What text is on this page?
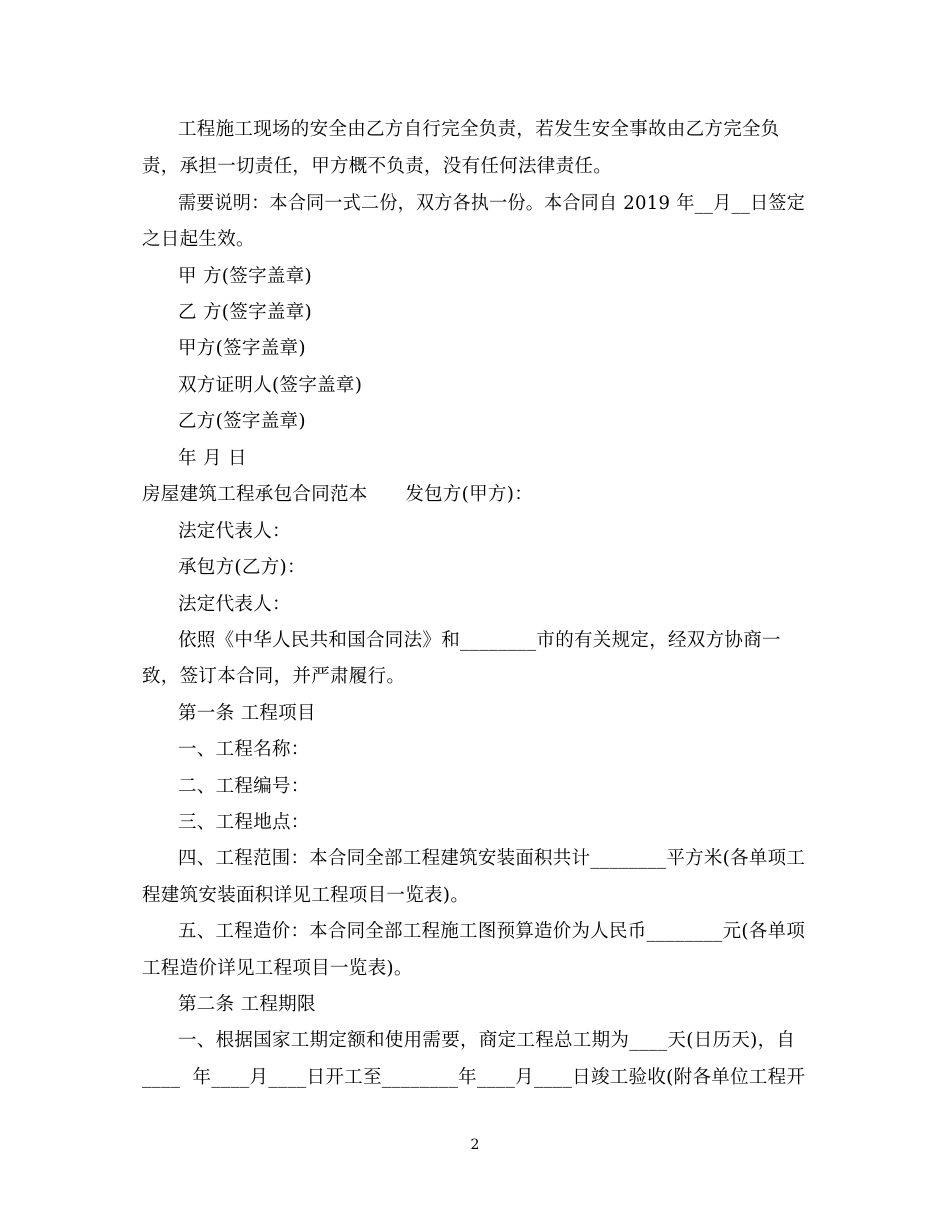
工程施工现场的安全由乙方自行完全负责，若发生安全事故由乙方完全负
责，承担一切责任，甲方概不负责，没有任何法律责任。
需要说明：本合同一式二份，双方各执一份。本合同自 2019 年__月__日签定
之日起生效。
甲 方(签字盖章)
乙 方(签字盖章)
甲方(签字盖章)
双方证明人(签字盖章)
乙方(签字盖章)
年 月 日
房屋建筑工程承包合同范本　　发包方(甲方)：
法定代表人：
承包方(乙方)：
法定代表人：
依照《中华人民共和国合同法》和________市的有关规定，经双方协商一
致，签订本合同，并严肃履行。
第一条 工程项目
一、工程名称：
二、工程编号：
三、工程地点：
四、工程范围：本合同全部工程建筑安装面积共计________平方米(各单项工
程建筑安装面积详见工程项目一览表)。
五、工程造价：本合同全部工程施工图预算造价为人民币________元(各单项
工程造价详见工程项目一览表)。
第二条 工程期限
一、根据国家工期定额和使用需要，商定工程总工期为____天(日历天)，自
____  年____月____日开工至________年____月____日竣工验收(附各单位工程开
2
